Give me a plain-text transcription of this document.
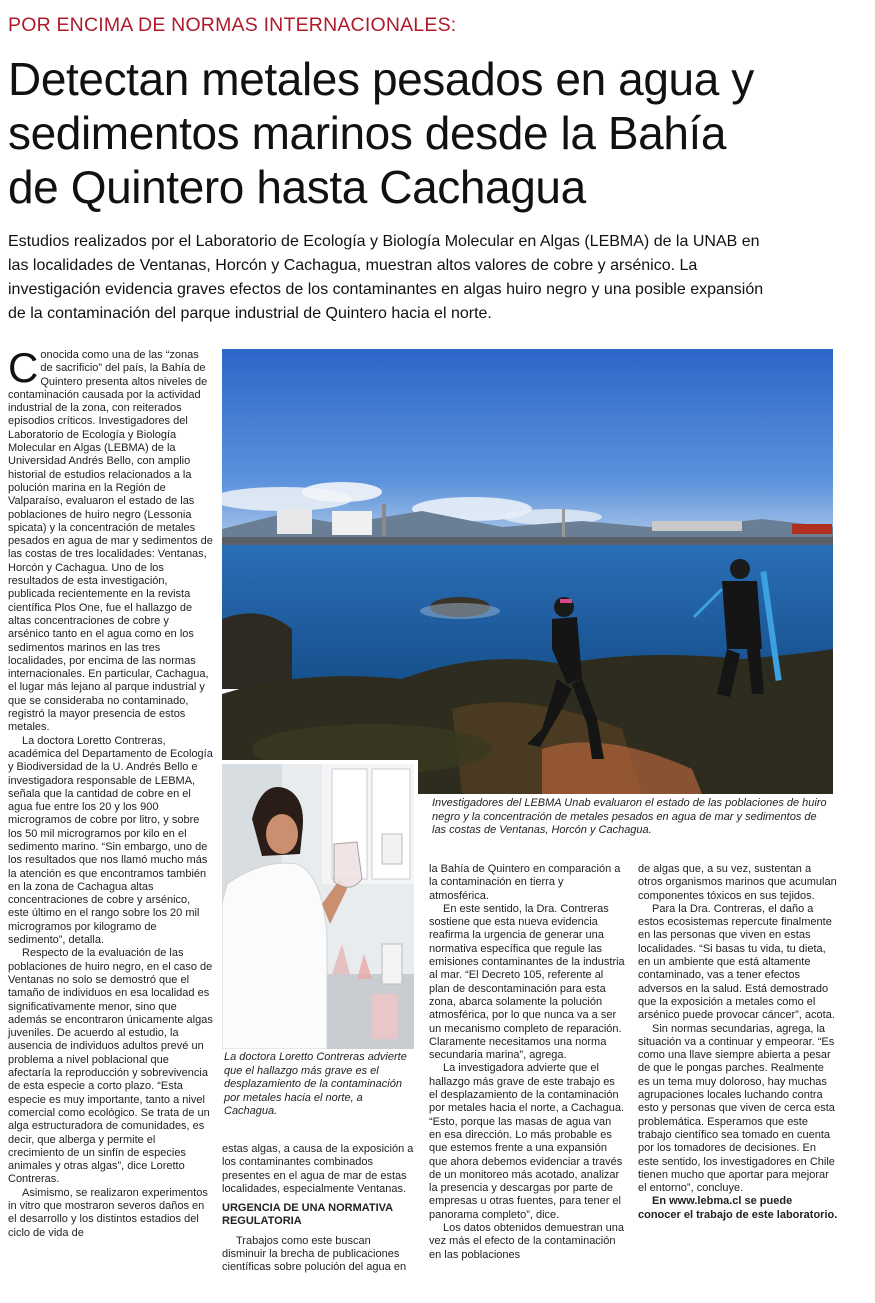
POR ENCIMA DE NORMAS INTERNACIONALES:
Detectan metales pesados en agua y
sedimentos marinos desde la Bahía
de Quintero hasta Cachagua
Estudios realizados por el Laboratorio de Ecología y Biología Molecular en Algas (LEBMA) de la UNAB en
las localidades de Ventanas, Horcón y Cachagua, muestran altos valores de cobre y arsénico. La
investigación evidencia graves efectos de los contaminantes en algas huiro negro y una posible expansión
de la contaminación del parque industrial de Quintero hacia el norte.

Conocida como una de las “zonas de sacrificio” del país, la Bahía de Quintero presenta altos niveles de contaminación causada por la actividad industrial de la zona, con reiterados episodios críticos. Investigadores del Laboratorio de Ecología y Biología Molecular en Algas (LEBMA) de la Universidad Andrés Bello, con amplio historial de estudios relacionados a la polución marina en la Región de Valparaíso, evaluaron el estado de las poblaciones de huiro negro (Lessonia spicata) y la concentración de metales pesados en agua de mar y sedimentos de las costas de tres localidades: Ventanas, Horcón y Cachagua. Uno de los resultados de esta investigación, publicada recientemente en la revista científica Plos One, fue el hallazgo de altas concentraciones de cobre y arsénico tanto en el agua como en los sedimentos marinos en las tres localidades, por encima de las normas internacionales. En particular, Cachagua, el lugar más lejano al parque industrial y que se consideraba no contaminado, registró la mayor presencia de estos metales.

La doctora Loretto Contreras, académica del Departamento de Ecología y Biodiversidad de la U. Andrés Bello e investigadora responsable de LEBMA, señala que la cantidad de cobre en el agua fue entre los 20 y los 900 microgramos de cobre por litro, y sobre los 50 mil microgramos por kilo en el sedimento marino. “Sin embargo, uno de los resultados que nos llamó mucho más la atención es que encontramos también en la zona de Cachagua altas concentraciones de cobre y arsénico, este último en el rango sobre los 20 mil microgramos por kilogramo de sedimento”, detalla.

Respecto de la evaluación de las poblaciones de huiro negro, en el caso de Ventanas no solo se demostró que el tamaño de individuos en esa localidad es significativamente menor, sino que además se encontraron únicamente algas juveniles. De acuerdo al estudio, la ausencia de individuos adultos prevé un problema a nivel poblacional que afectaría la reproducción y sobrevivencia de esta especie a corto plazo. “Esta especie es muy importante, tanto a nivel comercial como ecológico. Se trata de un alga estructuradora de comunidades, es decir, que alberga y permite el crecimiento de un sinfín de especies animales y otras algas”, dice Loretto Contreras.

Asimismo, se realizaron experimentos in vitro que mostraron severos daños en el desarrollo y los distintos estadios del ciclo de vida de

Investigadores del LEBMA Unab evaluaron el estado de las poblaciones de huiro negro y la concentración de metales pesados en agua de mar y sedimentos de las costas de Ventanas, Horcón y Cachagua.
La doctora Loretto Contreras advierte que el hallazgo más grave es el desplazamiento de la contaminación por metales hacia el norte, a Cachagua.

estas algas, a causa de la exposición a los contaminantes combinados presentes en el agua de mar de estas localidades, especialmente Ventanas.

URGENCIA DE UNA NORMATIVA REGULATORIA

Trabajos como este buscan disminuir la brecha de publicaciones científicas sobre polución del agua en

la Bahía de Quintero en comparación a la contaminación en tierra y atmosférica.

En este sentido, la Dra. Contreras sostiene que esta nueva evidencia reafirma la urgencia de generar una normativa específica que regule las emisiones contaminantes de la industria al mar. “El Decreto 105, referente al plan de descontaminación para esta zona, abarca solamente la polución atmosférica, por lo que nunca va a ser un mecanismo completo de reparación. Claramente necesitamos una norma secundaria marina”, agrega.

La investigadora advierte que el hallazgo más grave de este trabajo es el desplazamiento de la contaminación por metales hacia el norte, a Cachagua. “Esto, porque las masas de agua van en esa dirección. Lo más probable es que estemos frente a una expansión que ahora debemos evidenciar a través de un monitoreo más acotado, analizar la presencia y descargas por parte de empresas u otras fuentes, para tener el panorama completo”, dice.

Los datos obtenidos demuestran una vez más el efecto de la contaminación en las poblaciones

de algas que, a su vez, sustentan a otros organismos marinos que acumulan componentes tóxicos en sus tejidos.

Para la Dra. Contreras, el daño a estos ecosistemas repercute finalmente en las personas que viven en estas localidades. “Si basas tu vida, tu dieta, en un ambiente que está altamente contaminado, vas a tener efectos adversos en la salud. Está demostrado que la exposición a metales como el arsénico puede provocar cáncer”, acota.

Sin normas secundarias, agrega, la situación va a continuar y empeorar. “Es como una llave siempre abierta a pesar de que le pongas parches. Realmente es un tema muy doloroso, hay muchas agrupaciones locales luchando contra esto y personas que viven de cerca esta problemática. Esperamos que este trabajo científico sea tomado en cuenta por los tomadores de decisiones. En este sentido, los investigadores en Chile tienen mucho que aportar para mejorar el entorno”, concluye.

En www.lebma.cl se puede conocer el trabajo de este laboratorio.
